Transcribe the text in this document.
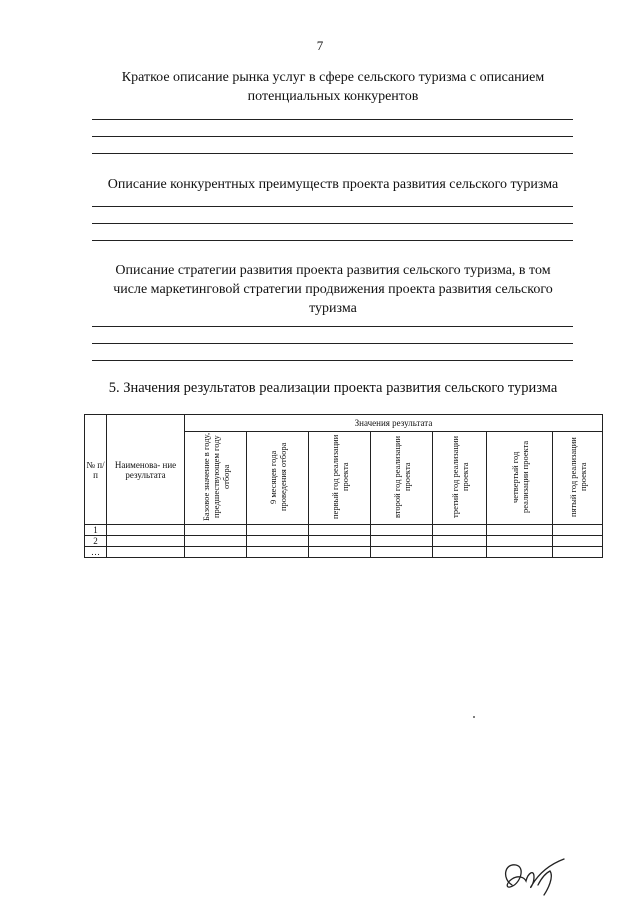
7
Краткое описание рынка услуг в сфере сельского туризма с описанием
потенциальных конкурентов
Описание конкурентных преимуществ проекта развития сельского туризма
Описание стратегии развития проекта развития сельского туризма, в том
числе маркетинговой стратегии продвижения проекта развития сельского
туризма
5. Значения результатов реализации проекта развития сельского туризма
№ п/ п	Наименова- ние результата	Значения результата						
		Базовое значение в году, предшествующем году отбора	9 месяцев года проведения отбора	первый год реализации проекта	второй год реализации проекта	третий год реализации проекта	четвертый год реализации проекта	пятый год реализации проекта
1								
2								
…								
